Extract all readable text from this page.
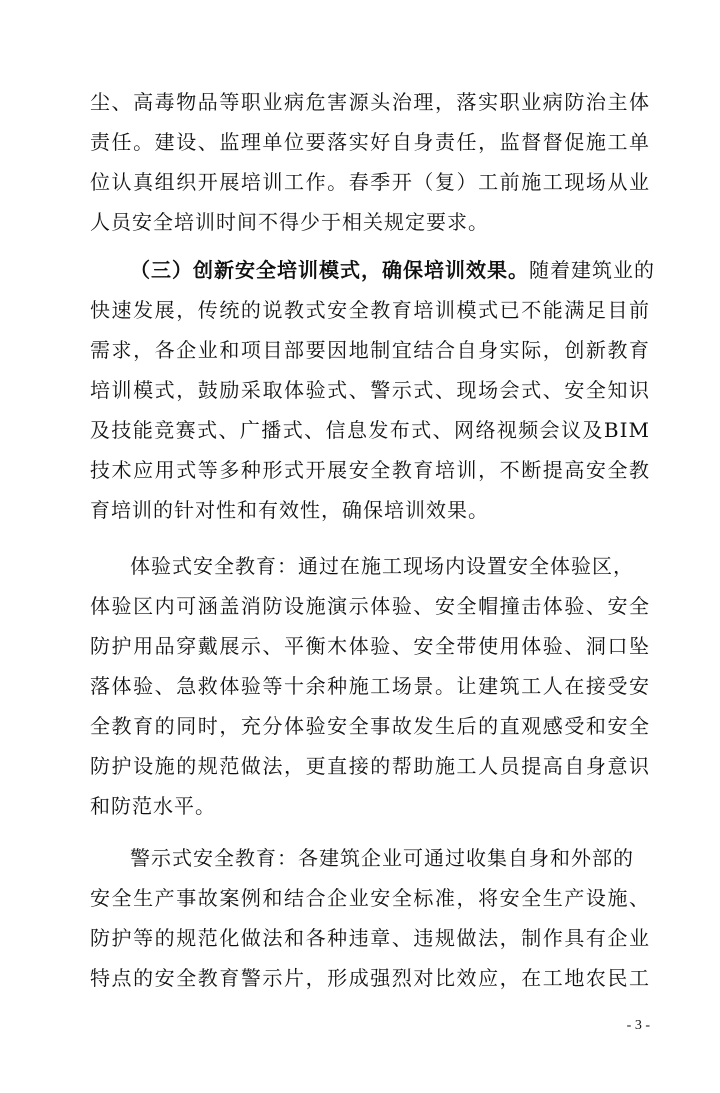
尘、高毒物品等职业病危害源头治理，落实职业病防治主体
责任。建设、监理单位要落实好自身责任，监督督促施工单
位认真组织开展培训工作。春季开（复）工前施工现场从业
人员安全培训时间不得少于相关规定要求。
（三）创新安全培训模式，确保培训效果。随着建筑业的
快速发展，传统的说教式安全教育培训模式已不能满足目前
需求，各企业和项目部要因地制宜结合自身实际，创新教育
培训模式，鼓励采取体验式、警示式、现场会式、安全知识
及技能竞赛式、广播式、信息发布式、网络视频会议及BIM
技术应用式等多种形式开展安全教育培训，不断提高安全教
育培训的针对性和有效性，确保培训效果。
体验式安全教育：通过在施工现场内设置安全体验区，
体验区内可涵盖消防设施演示体验、安全帽撞击体验、安全
防护用品穿戴展示、平衡木体验、安全带使用体验、洞口坠
落体验、急救体验等十余种施工场景。让建筑工人在接受安
全教育的同时，充分体验安全事故发生后的直观感受和安全
防护设施的规范做法，更直接的帮助施工人员提高自身意识
和防范水平。
警示式安全教育：各建筑企业可通过收集自身和外部的
安全生产事故案例和结合企业安全标准，将安全生产设施、
防护等的规范化做法和各种违章、违规做法，制作具有企业
特点的安全教育警示片，形成强烈对比效应，在工地农民工
- 3 -
